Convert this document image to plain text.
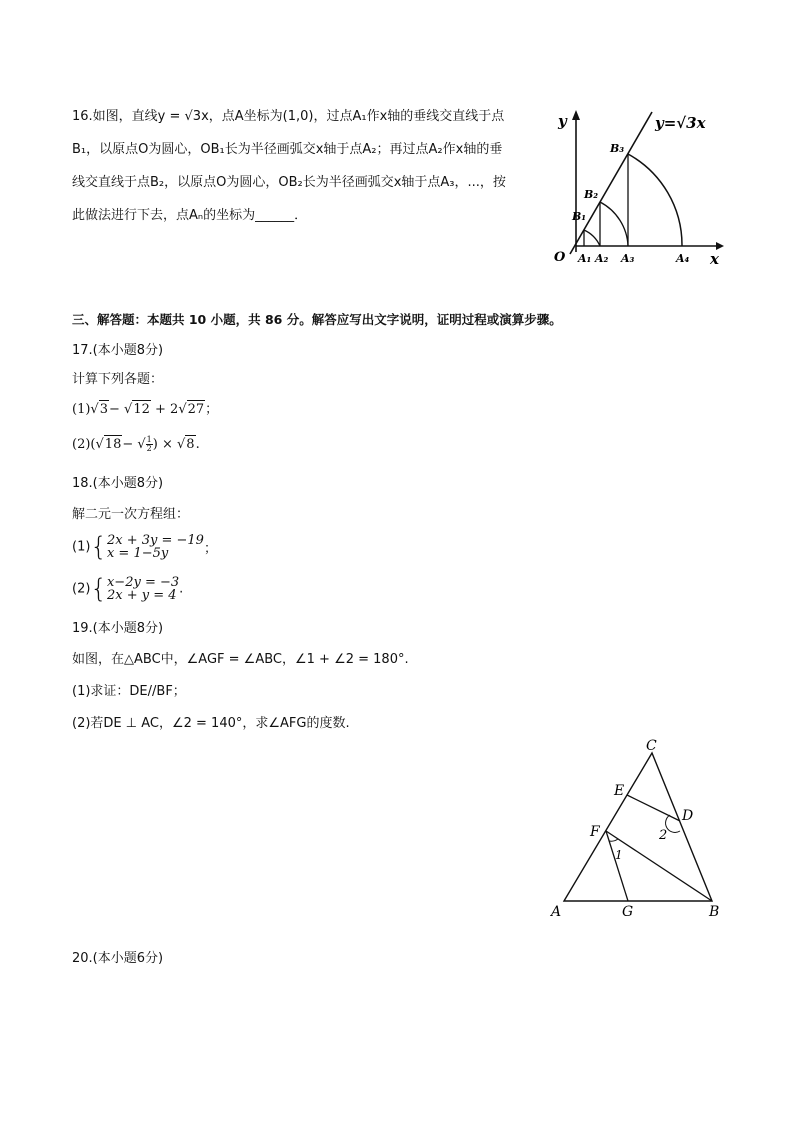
16.如图，直线y = √3x，点A坐标为(1,0)，过点A₁作x轴的垂线交直线于点
B₁，以原点O为圆心，OB₁长为半径画弧交x轴于点A₂；再过点A₂作x轴的垂
线交直线于点B₂，以原点O为圆心，OB₂长为半径画弧交x轴于点A₃，...，按
此做法进行下去，点Aₙ的坐标为______．
y
x
O
y=√3x
B₁
B₂
B₃
A₁ A₂ A₃	A₄
三、解答题：本题共 10 小题，共 86 分。解答应写出文字说明，证明过程或演算步骤。
17.(本小题8分)
计算下列各题：
(1)√3− √12 + 2√27；
(2)(√18− √ $\frac{1}{2}$ ) × √8.
18.(本小题8分)
解二元一次方程组：
(1){ 2x + 3y = −19
x = 1−5y	；
(2){ x−2y = −3
2x + y = 4 .
19.(本小题8分)
如图，在△ABC中，∠AGF = ∠ABC，∠1 + ∠2 = 180°.
(1)求证：DE//BF；
(2)若DE ⊥ AC，∠2 = 140°，求∠AFG的度数.
C
E
D
F	2
1
A	G	B
20.(本小题6分)
